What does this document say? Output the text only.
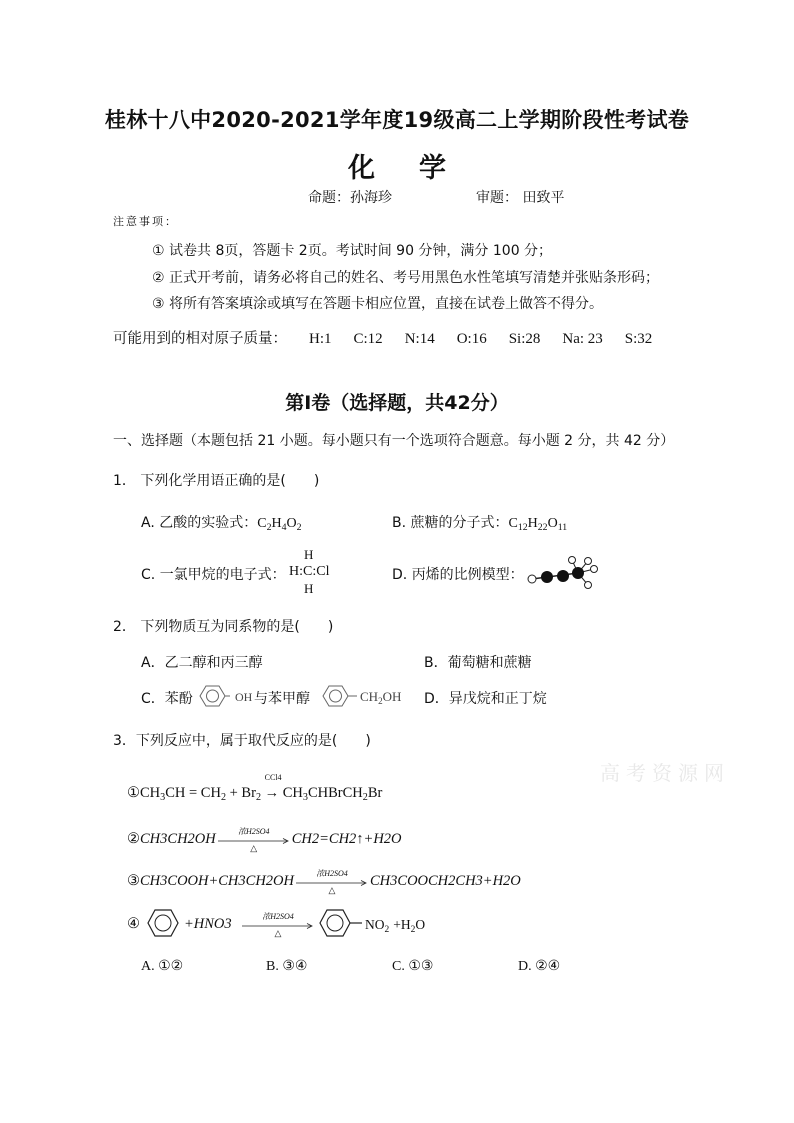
桂林十八中2020-2021学年度19级高二上学期阶段性考试卷
化 学
命题：孙海珍	审题： 田致平
注意事项：
① 试卷共 8页，答题卡 2页。考试时间 90 分钟，满分 100 分；
② 正式开考前，请务必将自己的姓名、考号用黑色水性笔填写清楚并张贴条形码；
③ 将所有答案填涂或填写在答题卡相应位置，直接在试卷上做答不得分。
可能用到的相对原子质量： H:1 C:12 N:14 O:16 Si:28 Na: 23 S:32
第Ⅰ卷（选择题，共42分）
一、选择题（本题包括 21 小题。每小题只有一个选项符合题意。每小题 2 分，共 42 分）
1． 下列化学用语正确的是(　　)
A. 乙酸的实验式：$C_2H_4O_2$	B. 蔗糖的分子式：$C_{12}H_{22}O_{11}$
C. 一氯甲烷的电子式：
H
H:C:Cl
H
D. 丙烯的比例模型：
2． 下列物质互为同系物的是(　　)
A．乙二醇和丙三醇	B．葡萄糖和蔗糖
C．苯酚	OH 与苯甲醇	$CH_2OH$ D．异戊烷和正丁烷
3．下列反应中，属于取代反应的是(　　)
高考资源网
$①CH_3CH = CH_2 + Br_2$
CCl4
→ $CH_3CHBrCH_2Br$
②CH3CH2OH	浓H2SO4
△
CH2=CH2↑+H2O
③CH3COOH+CH3CH2OH	浓H2SO4
△
CH3COOCH2CH3+H2O
④	+HNO3	浓H2SO4
△
$NO_2 +H_2O$
A. ①②	B. ③④	C. ①③	D. ②④
